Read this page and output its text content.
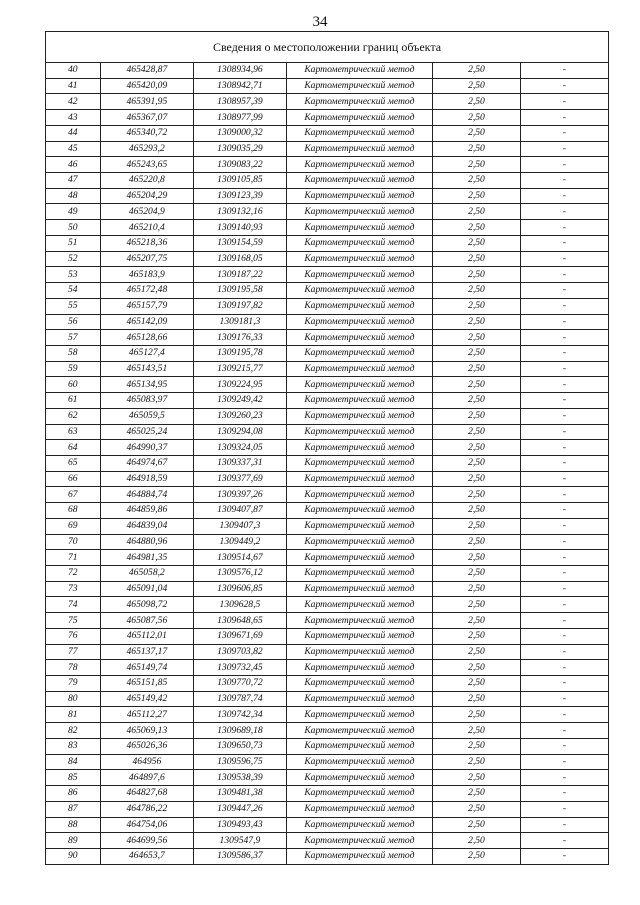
34
Сведения о местоположении границ объекта
40	465428,87	1308934,96	Картометрический метод	2,50	-
41	465420,09	1308942,71	Картометрический метод	2,50	-
42	465391,95	1308957,39	Картометрический метод	2,50	-
43	465367,07	1308977,99	Картометрический метод	2,50	-
44	465340,72	1309000,32	Картометрический метод	2,50	-
45	465293,2	1309035,29	Картометрический метод	2,50	-
46	465243,65	1309083,22	Картометрический метод	2,50	-
47	465220,8	1309105,85	Картометрический метод	2,50	-
48	465204,29	1309123,39	Картометрический метод	2,50	-
49	465204,9	1309132,16	Картометрический метод	2,50	-
50	465210,4	1309140,93	Картометрический метод	2,50	-
51	465218,36	1309154,59	Картометрический метод	2,50	-
52	465207,75	1309168,05	Картометрический метод	2,50	-
53	465183,9	1309187,22	Картометрический метод	2,50	-
54	465172,48	1309195,58	Картометрический метод	2,50	-
55	465157,79	1309197,82	Картометрический метод	2,50	-
56	465142,09	1309181,3	Картометрический метод	2,50	-
57	465128,66	1309176,33	Картометрический метод	2,50	-
58	465127,4	1309195,78	Картометрический метод	2,50	-
59	465143,51	1309215,77	Картометрический метод	2,50	-
60	465134,95	1309224,95	Картометрический метод	2,50	-
61	465083,97	1309249,42	Картометрический метод	2,50	-
62	465059,5	1309260,23	Картометрический метод	2,50	-
63	465025,24	1309294,08	Картометрический метод	2,50	-
64	464990,37	1309324,05	Картометрический метод	2,50	-
65	464974,67	1309337,31	Картометрический метод	2,50	-
66	464918,59	1309377,69	Картометрический метод	2,50	-
67	464884,74	1309397,26	Картометрический метод	2,50	-
68	464859,86	1309407,87	Картометрический метод	2,50	-
69	464839,04	1309407,3	Картометрический метод	2,50	-
70	464880,96	1309449,2	Картометрический метод	2,50	-
71	464981,35	1309514,67	Картометрический метод	2,50	-
72	465058,2	1309576,12	Картометрический метод	2,50	-
73	465091,04	1309606,85	Картометрический метод	2,50	-
74	465098,72	1309628,5	Картометрический метод	2,50	-
75	465087,56	1309648,65	Картометрический метод	2,50	-
76	465112,01	1309671,69	Картометрический метод	2,50	-
77	465137,17	1309703,82	Картометрический метод	2,50	-
78	465149,74	1309732,45	Картометрический метод	2,50	-
79	465151,85	1309770,72	Картометрический метод	2,50	-
80	465149,42	1309787,74	Картометрический метод	2,50	-
81	465112,27	1309742,34	Картометрический метод	2,50	-
82	465069,13	1309689,18	Картометрический метод	2,50	-
83	465026,36	1309650,73	Картометрический метод	2,50	-
84	464956	1309596,75	Картометрический метод	2,50	-
85	464897,6	1309538,39	Картометрический метод	2,50	-
86	464827,68	1309481,38	Картометрический метод	2,50	-
87	464786,22	1309447,26	Картометрический метод	2,50	-
88	464754,06	1309493,43	Картометрический метод	2,50	-
89	464699,56	1309547,9	Картометрический метод	2,50	-
90	464653,7	1309586,37	Картометрический метод	2,50	-
